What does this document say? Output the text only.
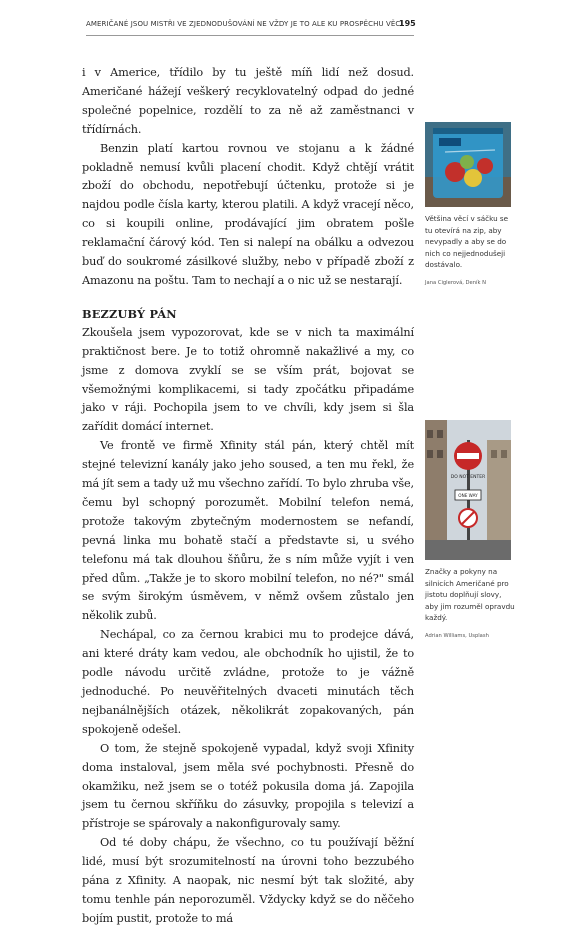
AMERIČANÉ JSOU MISTŘI VE ZJEDNODUŠOVÁNÍ NE VŽDY JE TO ALE KU PROSPĚCHU VĚCI
195

i v Americe, třídilo by tu ještě míň lidí než dosud. Američané hážejí veškerý recyklovatelný odpad do jedné společné popelnice, rozdělí to za ně až zaměstnanci v třídírnách.

Benzin platí kartou rovnou ve stojanu a k žádné pokladně nemusí kvůli placení chodit. Když chtějí vrátit zboží do obchodu, nepotřebují účtenku, protože si je najdou podle čísla karty, kterou platili. A když vracejí něco, co si koupili online, prodávající jim obratem pošle reklamační čárový kód. Ten si nalepí na obálku a odvezou buď do soukromé zásilkové služby, nebo v případě zboží z Amazonu na poštu. Tam to nechají a o nic už se nestarají.

BEZZUBÝ PÁN

Zkoušela jsem vypozorovat, kde se v nich ta maximální praktičnost bere. Je to totiž ohromně nakažlivé a my, co jsme z domova zvyklí se se vším prát, bojovat se všemožnými komplikacemi, si tady zpočátku připadáme jako v ráji. Pochopila jsem to ve chvíli, kdy jsem si šla zařídit domácí internet.

Ve frontě ve firmě Xfinity stál pán, který chtěl mít stejné televizní kanály jako jeho soused, a ten mu řekl, že má jít sem a tady už mu všechno zařídí. To bylo zhruba vše, čemu byl schopný porozumět. Mobilní telefon nemá, protože takovým zbytečným modernostem se nefandí, pevná linka mu bohatě stačí a představte si, u svého telefonu má tak dlouhou šňůru, že s ním může vyjít i ven před dům. „Takže je to skoro mobilní telefon, no né?" smál se svým širokým úsměvem, v němž ovšem zůstalo jen několik zubů.

Nechápal, co za černou krabici mu to prodejce dává, ani které dráty kam vedou, ale obchodník ho ujistil, že to podle návodu určitě zvládne, protože to je vážně jednoduché. Po neuvěřitelných dvaceti minutách těch nejbanálnějších otázek, několikrát zopakovaných, pán spokojeně odešel.

O tom, že stejně spokojeně vypadal, když svoji Xfinity doma instaloval, jsem měla své pochybnosti. Přesně do okamžiku, než jsem se o totéž pokusila doma já. Zapojila jsem tu černou skříňku do zásuvky, propojila s televizí a přístroje se spárovaly a nakonfigurovaly samy.

Od té doby chápu, že všechno, co tu používají běžní lidé, musí být srozumitelností na úrovni toho bezzubého pána z Xfinity. A naopak, nic nesmí být tak složité, aby tomu tenhle pán neporozuměl. Vždycky když se do něčeho bojím pustit, protože to má

Většina věcí v sáčku se tu otevírá na zip, aby nevypadly a aby se do nich co nejjednodušeji dostávalo.
Jana Ciglerová, Deník N
DO NOT ENTER
ONE WAY
Značky a pokyny na silnicích Američané pro jistotu doplňují slovy, aby jim rozuměl opravdu každý.
Adrian Williams, Usplash
